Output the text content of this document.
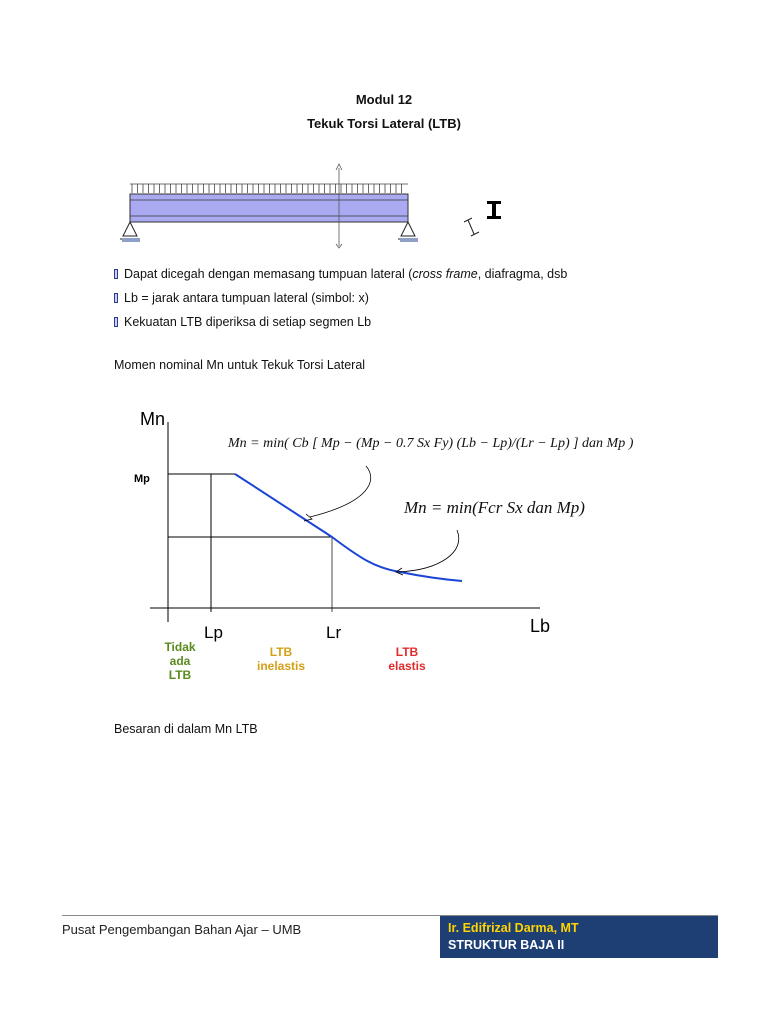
Modul 12
Tekuk Torsi Lateral (LTB)
Dapat dicegah dengan memasang tumpuan lateral (cross frame, diafragma, dsb
Lb = jarak antara tumpuan lateral (simbol: x)
Kekuatan LTB diperiksa di setiap segmen Lb
Momen nominal Mn untuk Tekuk Torsi Lateral
Mn
Lb
Mp
Lp	Lr
Mn = min( Cb [ Mp − (Mp − 0.7 Sx Fy) (Lb − Lp)/(Lr − Lp) ] dan Mp )
Mn = min(Fcr Sx dan Mp)
Tidak
ada
LTB
LTB
inelastis
LTB
elastis
Besaran di dalam Mn LTB
Pusat Pengembangan Bahan Ajar – UMB	Ir. Edifrizal Darma, MT
STRUKTUR BAJA II
